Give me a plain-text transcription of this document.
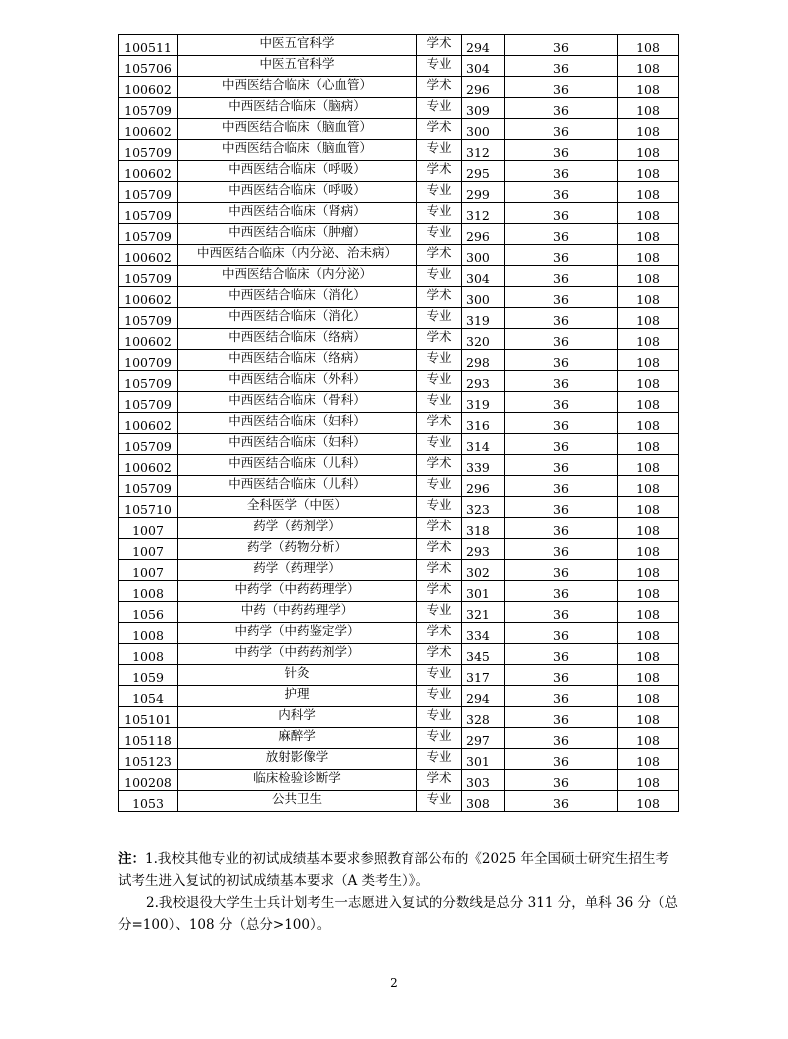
100511	中医五官科学	学术	294	36	108
105706	中医五官科学	专业	304	36	108
100602	中西医结合临床（心血管）	学术	296	36	108
105709	中西医结合临床（脑病）	专业	309	36	108
100602	中西医结合临床（脑血管）	学术	300	36	108
105709	中西医结合临床（脑血管）	专业	312	36	108
100602	中西医结合临床（呼吸）	学术	295	36	108
105709	中西医结合临床（呼吸）	专业	299	36	108
105709	中西医结合临床（肾病）	专业	312	36	108
105709	中西医结合临床（肿瘤）	专业	296	36	108
100602	中西医结合临床（内分泌、治未病）	学术	300	36	108
105709	中西医结合临床（内分泌）	专业	304	36	108
100602	中西医结合临床（消化）	学术	300	36	108
105709	中西医结合临床（消化）	专业	319	36	108
100602	中西医结合临床（络病）	学术	320	36	108
100709	中西医结合临床（络病）	专业	298	36	108
105709	中西医结合临床（外科）	专业	293	36	108
105709	中西医结合临床（骨科）	专业	319	36	108
100602	中西医结合临床（妇科）	学术	316	36	108
105709	中西医结合临床（妇科）	专业	314	36	108
100602	中西医结合临床（儿科）	学术	339	36	108
105709	中西医结合临床（儿科）	专业	296	36	108
105710	全科医学（中医）	专业	323	36	108
1007	药学（药剂学）	学术	318	36	108
1007	药学（药物分析）	学术	293	36	108
1007	药学（药理学）	学术	302	36	108
1008	中药学（中药药理学）	学术	301	36	108
1056	中药（中药药理学）	专业	321	36	108
1008	中药学（中药鉴定学）	学术	334	36	108
1008	中药学（中药药剂学）	学术	345	36	108
1059	针灸	专业	317	36	108
1054	护理	专业	294	36	108
105101	内科学	专业	328	36	108
105118	麻醉学	专业	297	36	108
105123	放射影像学	专业	301	36	108
100208	临床检验诊断学	学术	303	36	108
1053	公共卫生	专业	308	36	108

注：1.我校其他专业的初试成绩基本要求参照教育部公布的《2025 年全国硕士研究生招生考试考生进入复试的初试成绩基本要求（A 类考生）》。

2.我校退役大学生士兵计划考生一志愿进入复试的分数线是总分 311 分，单科 36 分（总分=100）、108 分（总分>100）。

2
